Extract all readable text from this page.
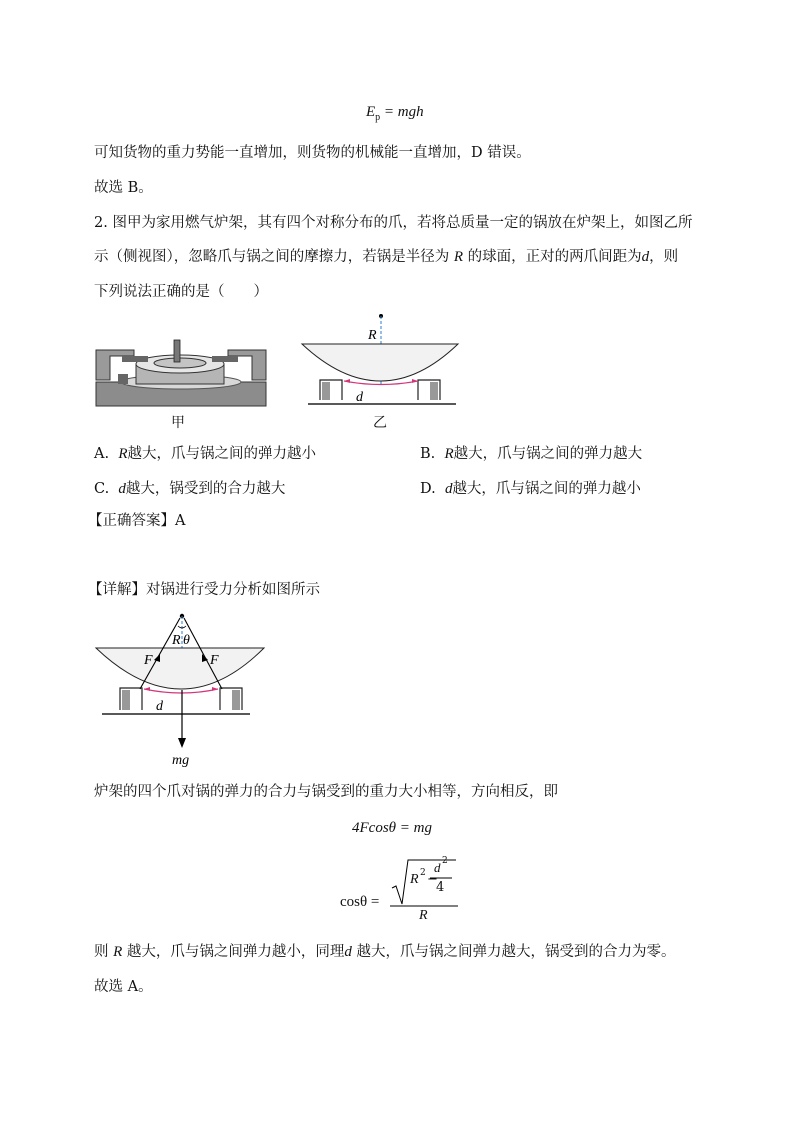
$E_p$ = mgh
可知货物的重力势能一直增加，则货物的机械能一直增加，D 错误。
故选 B。
2. 图甲为家用燃气炉架，其有四个对称分布的爪，若将总质量一定的锅放在炉架上，如图乙所
示（侧视图），忽略爪与锅之间的摩擦力，若锅是半径为 R 的球面，正对的两爪间距为d，则
下列说法正确的是（　　）
甲
R
d
乙
A. R越大，爪与锅之间的弹力越小	B. R越大，爪与锅之间的弹力越大
C. d越大，锅受到的合力越大	D. d越大，爪与锅之间的弹力越小
【正确答案】A
【详解】对锅进行受力分析如图所示
R θ
F	F
d
mg
炉架的四个爪对锅的弹力的合力与锅受到的重力大小相等，方向相反，即
4Fcosθ = mg
cosθ =
R 2 −
d 2
4
R
则 R 越大，爪与锅之间弹力越小，同理d 越大，爪与锅之间弹力越大，锅受到的合力为零。
故选 A。
